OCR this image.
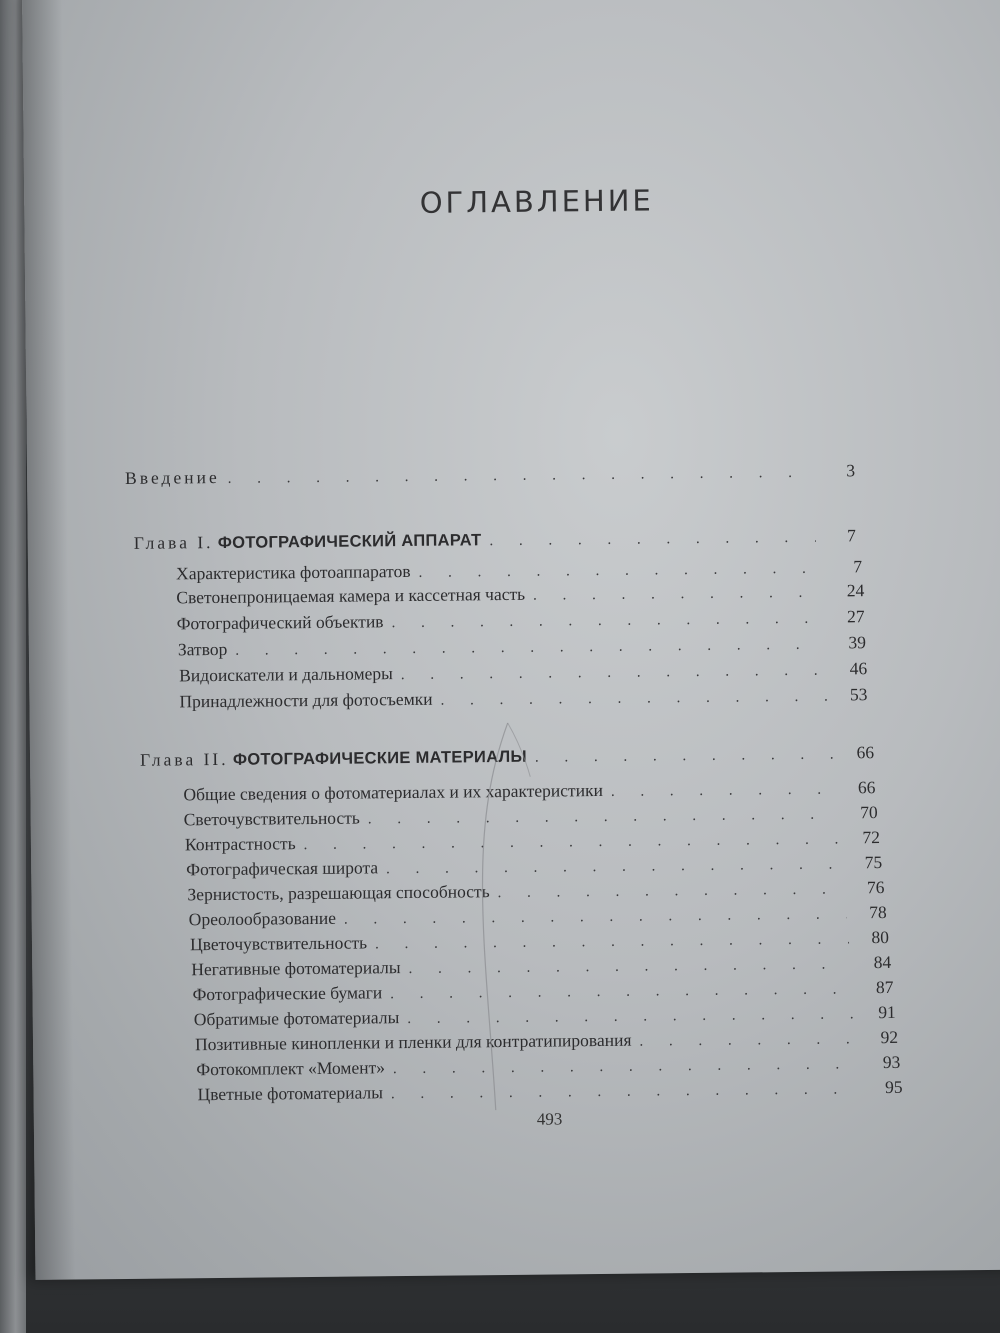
ОГЛАВЛЕНИЕ
Введение . . .	3
Глава I. ФОТОГРАФИЧЕСКИЙ АППАРАТ . . .	7
Характеристика фотоаппаратов . . .	7
Светонепроницаемая камера и кассетная часть . . .	24
Фотографический объектив . . .	27
Затвор . . .	39
Видоискатели и дальномеры . . .	46
Принадлежности для фотосъемки . . .	53
Глава II. ФОТОГРАФИЧЕСКИЕ МАТЕРИАЛЫ . . .	66
Общие сведения о фотоматериалах и их характеристики . . .	66
Светочувствительность . . .	70
Контрастность . . .	72
Фотографическая широта . . .	75
Зернистость, разрешающая способность . . .	76
Ореолообразование . . .	78
Цветочувствительность . . .	80
Негативные фотоматериалы . . .	84
Фотографические бумаги . . .	87
Обратимые фотоматериалы . . .	91
Позитивные кинопленки и пленки для контратипирования . . .	92
Фотокомплект «Момент» . . .	93
Цветные фотоматериалы . . .	95
493
